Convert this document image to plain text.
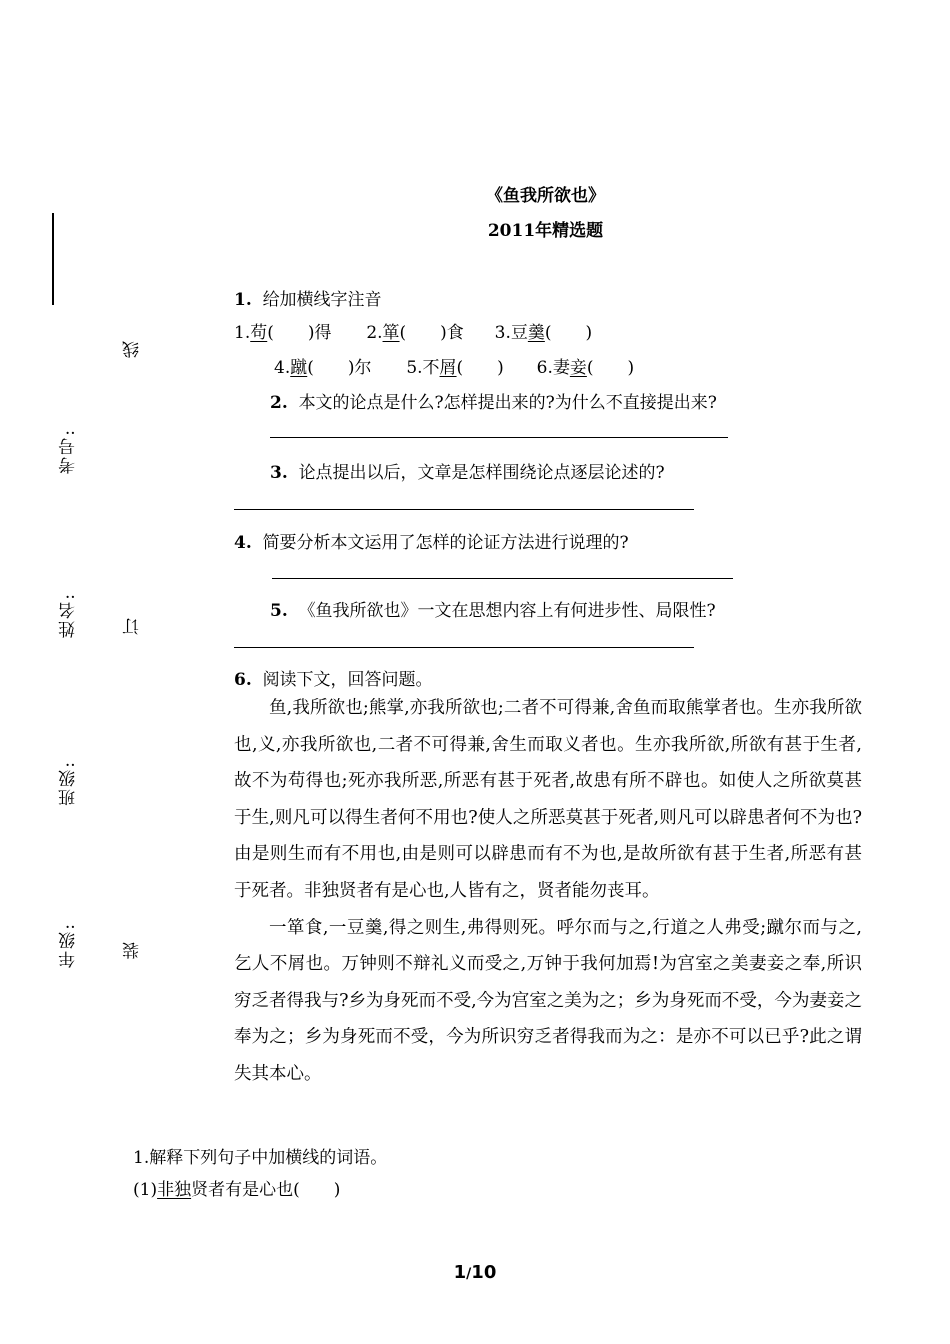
考号:
姓名:
班级:
年级:
线
订
装
《鱼我所欲也》
2011年精选题
1. 给加横线字注音
1.苟(　　)得 2.箪(　　)食 3.豆羹(　　)
4.蹴(　　)尔 5.不屑(　　) 6.妻妾(　　)
2. 本文的论点是什么?怎样提出来的?为什么不直接提出来?
3. 论点提出以后，文章是怎样围绕论点逐层论述的?
4. 简要分析本文运用了怎样的论证方法进行说理的?
5. 《鱼我所欲也》一文在思想内容上有何进步性、局限性?
6. 阅读下文，回答问题。

鱼,我所欲也;熊掌,亦我所欲也;二者不可得兼,舍鱼而取熊掌者也。生亦我所欲也,义,亦我所欲也,二者不可得兼,舍生而取义者也。生亦我所欲,所欲有甚于生者,故不为苟得也;死亦我所恶,所恶有甚于死者,故患有所不辟也。如使人之所欲莫甚于生,则凡可以得生者何不用也?使人之所恶莫甚于死者,则凡可以辟患者何不为也?由是则生而有不用也,由是则可以辟患而有不为也,是故所欲有甚于生者,所恶有甚于死者。非独贤者有是心也,人皆有之，贤者能勿丧耳。

一箪食,一豆羹,得之则生,弗得则死。呼尔而与之,行道之人弗受;蹴尔而与之,乞人不屑也。万钟则不辩礼义而受之,万钟于我何加焉!为宫室之美妻妾之奉,所识穷乏者得我与?乡为身死而不受,今为宫室之美为之；乡为身死而不受，今为妻妾之奉为之；乡为身死而不受，今为所识穷乏者得我而为之：是亦不可以已乎?此之谓失其本心。

1.解释下列句子中加横线的词语。
(1)非独贤者有是心也(　　)
1/10
